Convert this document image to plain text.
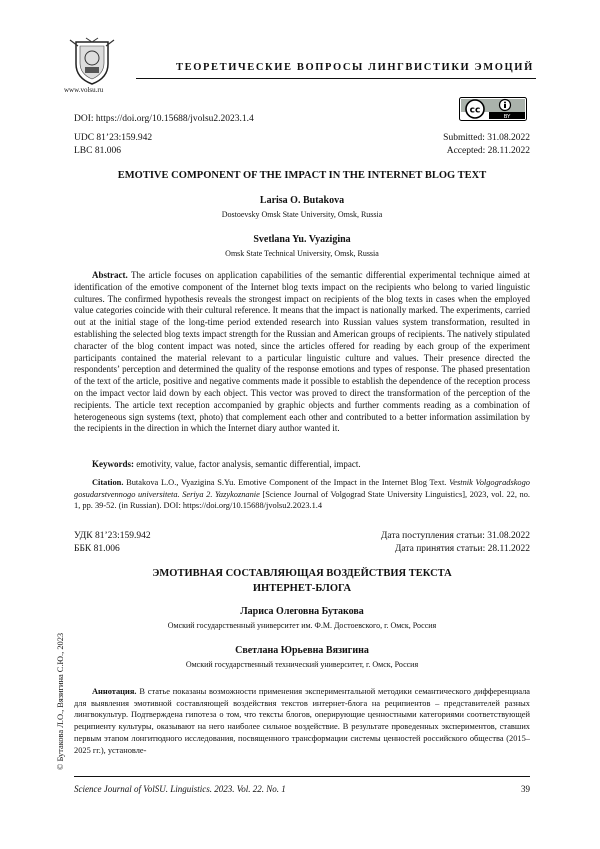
www.volsu.ru
ТЕОРЕТИЧЕСКИЕ ВОПРОСЫ ЛИНГВИСТИКИ ЭМОЦИЙ
DOI: https://doi.org/10.15688/jvolsu2.2023.1.4
cc
BY
UDC 81’23:159.942	Submitted: 31.08.2022
LBC 81.006	Accepted: 28.11.2022
EMOTIVE COMPONENT OF THE IMPACT IN THE INTERNET BLOG TEXT
Larisa O. Butakova
Dostoevsky Omsk State University, Omsk, Russia
Svetlana Yu. Vyazigina
Omsk State Technical University, Omsk, Russia
Abstract. The article focuses on application capabilities of the semantic differential experimental technique aimed at identification of the emotive component of the Internet blog texts impact on the recipients who belong to varied linguistic cultures. The confirmed hypothesis reveals the strongest impact on recipients of the blog texts in cases when the employed value categories coincide with their cultural reference. It means that the impact is nationally marked. The experiments, carried out at the initial stage of the long-time period extended research into Russian values system transformation, resulted in establishing the selected blog texts impact strength for the Russian and American groups of recipients. The natively stipulated character of the blog content impact was noted, since the articles offered for reading by each group of the experiment participants contained the material relevant to a particular linguistic culture and values. Their presence directed the respondents’ perception and determined the quality of the response emotions and types of response. The phased presentation of the text of the article, positive and negative comments made it possible to establish the dependence of the reception process on the impact vector laid down by each object. This vector was proved to direct the transformation of the perception of the recipients. The article text reception accompanied by graphic objects and further comments reading as a combination of heterogeneous sign systems (text, photo) that complement each other and contributed to a better information assimilation by the recipients in the direction in which the Internet diary author wanted it.
Keywords: emotivity, value, factor analysis, semantic differential, impact.
Citation. Butakova L.O., Vyazigina S.Yu. Emotive Component of the Impact in the Internet Blog Text. Vestnik Volgogradskogo gosudarstvennogo universiteta. Seriya 2. Yazykoznanie [Science Journal of Volgograd State University Linguistics], 2023, vol. 22, no. 1, pp. 39-52. (in Russian). DOI: https://doi.org/10.15688/jvolsu2.2023.1.4
УДК 81’23:159.942	Дата поступления статьи: 31.08.2022
ББК 81.006	Дата принятия статьи: 28.11.2022
ЭМОТИВНАЯ СОСТАВЛЯЮЩАЯ ВОЗДЕЙСТВИЯ ТЕКСТА
ИНТЕРНЕТ-БЛОГА
Лариса Олеговна Бутакова
Омский государственный университет им. Ф.М. Достоевского, г. Омск, Россия
Светлана Юрьевна Вязигина
Омский государственный технический университет, г. Омск, Россия
Аннотация. В статье показаны возможности применения экспериментальной методики семантического дифференциала для выявления эмотивной составляющей воздействия текстов интернет-блога на реципиентов – представителей разных лингвокультур. Подтверждена гипотеза о том, что тексты блогов, оперирующие ценностными категориями соответствующей реципиенту культуры, оказывают на него наиболее сильное воздействие. В результате проведенных экспериментов, ставших первым этапом лонгитюдного исследования, посвященного трансформации системы ценностей российского общества (2015–2025 гг.), установле-
© Бутакова Л.О., Вязигина С.Ю., 2023
Science Journal of VolSU. Linguistics. 2023. Vol. 22. No. 1	39
